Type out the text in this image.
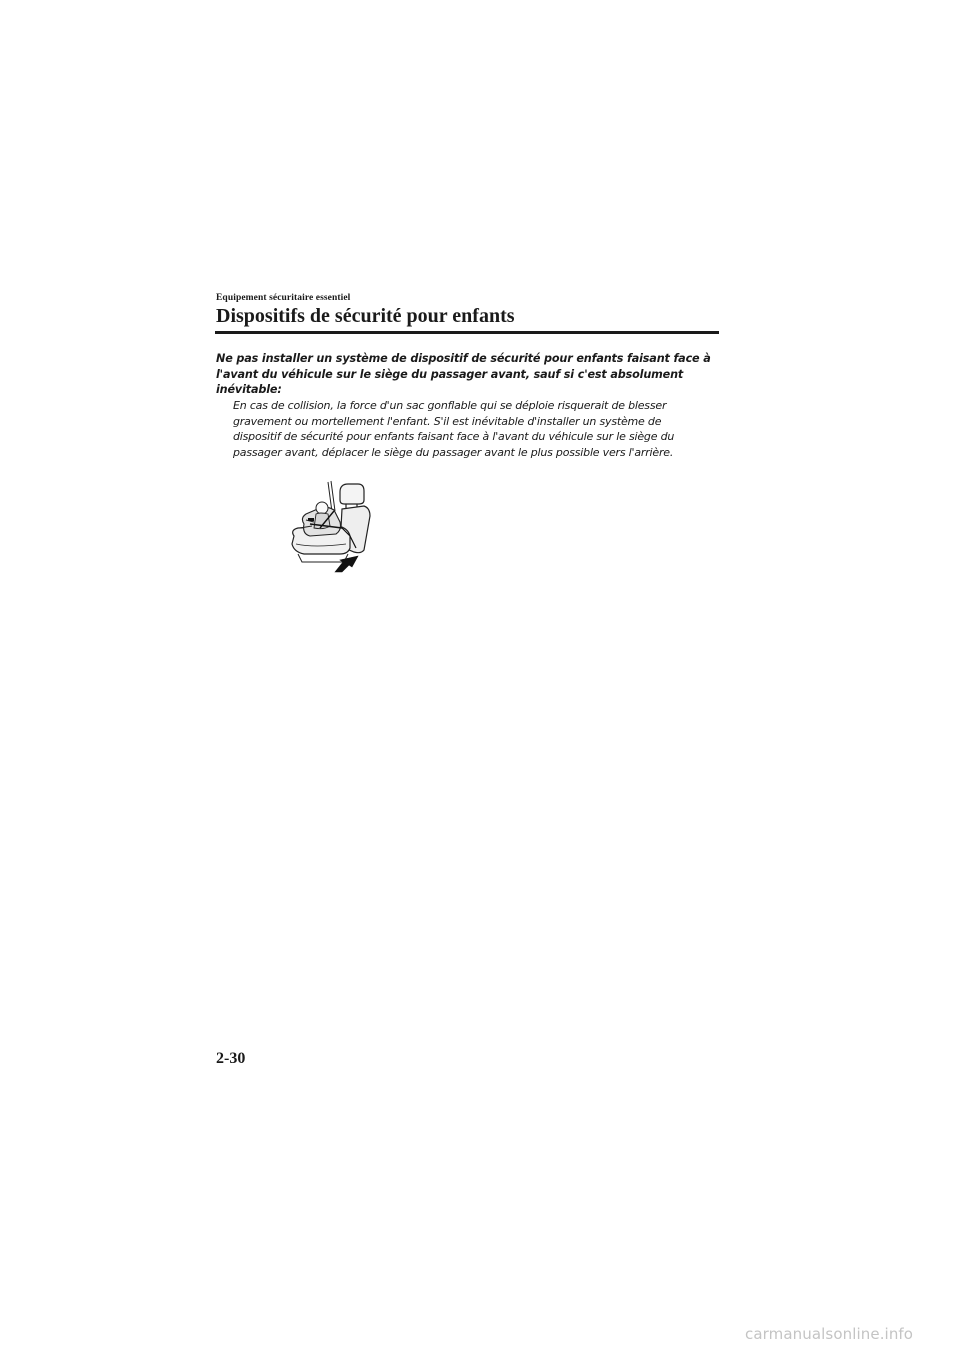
Equipement sécuritaire essentiel
Dispositifs de sécurité pour enfants
Ne pas installer un système de dispositif de sécurité pour enfants faisant face à
l'avant du véhicule sur le siège du passager avant, sauf si c'est absolument
inévitable:
En cas de collision, la force d'un sac gonflable qui se déploie risquerait de blesser
gravement ou mortellement l'enfant. S'il est inévitable d'installer un système de
dispositif de sécurité pour enfants faisant face à l'avant du véhicule sur le siège du
passager avant, déplacer le siège du passager avant le plus possible vers l'arrière.
2-30
carmanualsonline.info
